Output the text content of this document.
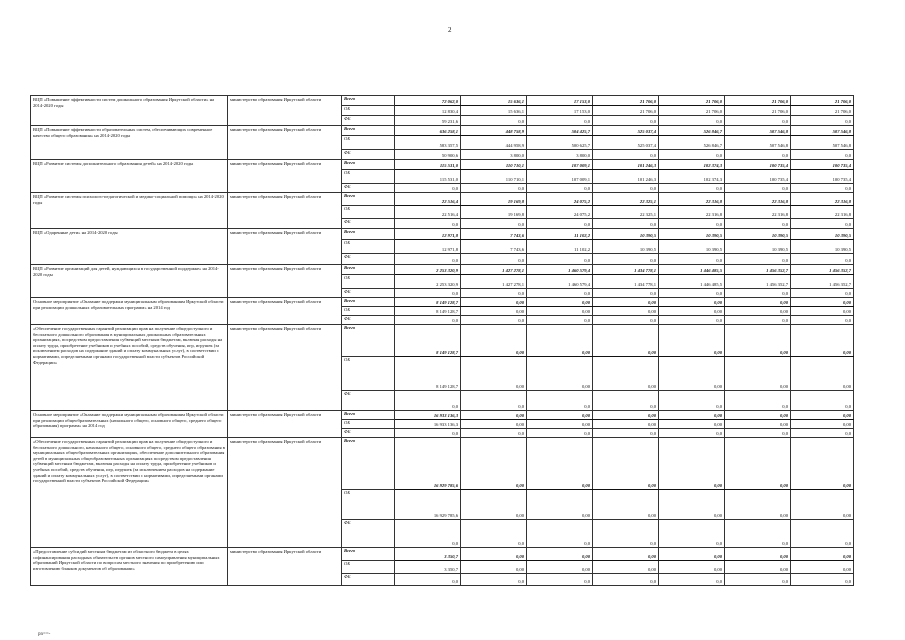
2
ВЦП «Повышение эффективности систем дошкольного образования Иркутской области» на 2014-2020 годы	министерство образования Иркутской области	Всего	72 062,0	15 636,1	17 153,0	21 706,0	21 706,0	21 706,0	21 706,0
		ОБ	12 830,4	15 636,1	17 153,0	21 706,0	21 706,0	21 706,0	21 706,0
		ФБ	59 231,6	0,0	0,0	0,0	0,0	0,0	0,0
ВЦП «Повышение эффективности образовательных систем, обеспечивающих современное качество общего образования» на 2014-2020 годы	министерство образования Иркутской области	Всего	636 258,1	448 758,9	504 425,7	525 037,4	526 846,7	507 546,8	507 546,8
		ОБ	583 357,5	444 958,9	500 625,7	525 037,4	526 846,7	507 546,8	507 546,8
		ФБ	50 900,6	3 800,0	3 800,0	0,0	0,0	0,0	0,0
ВЦП «Развитие системы дополнительного образования детей» на 2014-2020 годы	министерство образования Иркутской области	Всего	115 531,0	110 710,1	107 009,1	101 246,3	102 374,3	100 735,4	100 735,4
		ОБ	115 531,0	110 710,1	107 009,1	101 246,3	102 374,3	100 735,4	100 735,4
		ФБ	0,0	0,0	0,0	0,0	0,0	0,0	0,0
ВЦП «Развитие системы психолого-педагогической и медико-социальной помощи» на 2014-2020 годы	министерство образования Иркутской области	Всего	22 516,4	19 169,8	24 075,2	22 325,1	22 316,8	22 316,8	22 316,8
		ОБ	22 516,4	19 169,8	24 075,2	22 325,1	22 316,8	22 316,8	22 316,8
		ФБ	0,0	0,0	0,0	0,0	0,0	0,0	0,0
ВЦП «Одаренные дети» на 2014-2020 годы	министерство образования Иркутской области	Всего	12 971,8	7 743,6	11 102,2	10 390,5	10 390,5	10 390,5	10 390,5
		ОБ	12 971,8	7 743,6	11 102,2	10 390,5	10 390,5	10 390,5	10 390,5
		ФБ	0,0	0,0	0,0	0,0	0,0	0,0	0,0
ВЦП «Развитие организаций для детей, нуждающихся в государственной поддержке» на 2014-2020 годы	министерство образования Иркутской области	Всего	2 253 320,9	1 427 278,1	1 460 579,4	1 434 778,1	1 446 485,5	1 456 352,7	1 456 352,7
		ОБ	2 253 320,9	1 427 278,1	1 460 579,4	1 434 778,1	1 446 485,5	1 456 352,7	1 456 352,7
		ФБ	0,0	0,0	0,0	0,0	0,0	0,0	0,0
Основное мероприятие «Оказание поддержки муниципальным образованиям Иркутской области при реализации дошкольных образовательных программ» на 2014 год	министерство образования Иркутской области	Всего	8 149 128,7	0,00	0,00	0,00	0,00	0,00	0,00
		ОБ	8 149 128,7	0,00	0,00	0,00	0,00	0,00	0,00
		ФБ	0,0	0,0	0,0	0,0	0,0	0,0	0,0
«Обеспечение государственных гарантий реализации прав на получение общедоступного и бесплатного дошкольного образования в муниципальных дошкольных образовательных организациях, посредством предоставления субвенций местным бюджетам, включая расходы на оплату труда, приобретение учебников и учебных пособий, средств обучения, игр, игрушек (за исключением расходов на содержание зданий и оплату коммунальных услуг), в соответствии с нормативами, определяемыми органами государственной власти субъектов Российской Федерации»	министерство образования Иркутской области	Всего	8 149 128,7	0,00	0,00	0,00	0,00	0,00	0,00
		ОБ	8 149 128,7	0,00	0,00	0,00	0,00	0,00	0,00
		ФБ	0,0	0,0	0,0	0,0	0,0	0,0	0,0
Основное мероприятие «Оказание поддержки муниципальным образованиям Иркутской области при реализации общеобразовательных (начального общего, основного общего, среднего общего образования) программ» на 2014 год	министерство образования Иркутской области	Всего	16 933 136,3	0,00	0,00	0,00	0,00	0,00	0,00
		ОБ	16 933 136,3	0,00	0,00	0,00	0,00	0,00	0,00
		ФБ	0,0	0,0	0,0	0,0	0,0	0,0	0,0
«Обеспечение государственных гарантий реализации прав на получение общедоступного и бесплатного дошкольного, начального общего, основного общего, среднего общего образования в муниципальных общеобразовательных организациях, обеспечение дополнительного образования детей в муниципальных общеобразовательных организациях посредством предоставления субвенций местным бюджетам, включая расходы на оплату труда, приобретение учебников и учебных пособий, средств обучения, игр, игрушек (за исключением расходов на содержание зданий и оплату коммунальных услуг), в соответствии с нормативами, определяемыми органами государственной власти субъектов Российской Федерации»	министерство образования Иркутской области	Всего	16 929 785,6	0,00	0,00	0,00	0,00	0,00	0,00
		ОБ	16 929 785,6	0,00	0,00	0,00	0,00	0,00	0,00
		ФБ	0,0	0,0	0,0	0,0	0,0	0,0	0,0
«Предоставление субсидий местным бюджетам из областного бюджета в целях софинансирования расходных обязательств органов местного самоуправления муниципальных образований Иркутской области по вопросам местного значения по приобретению или изготовлению бланков документов об образовании»	министерство образования Иркутской области	Всего	3 350,7	0,00	0,00	0,00	0,00	0,00	0,00
		ОБ	3 350,7	0,00	0,00	0,00	0,00	0,00	0,00
		ФБ	0,0	0,0	0,0	0,0	0,0	0,0	0,0
pn==-
